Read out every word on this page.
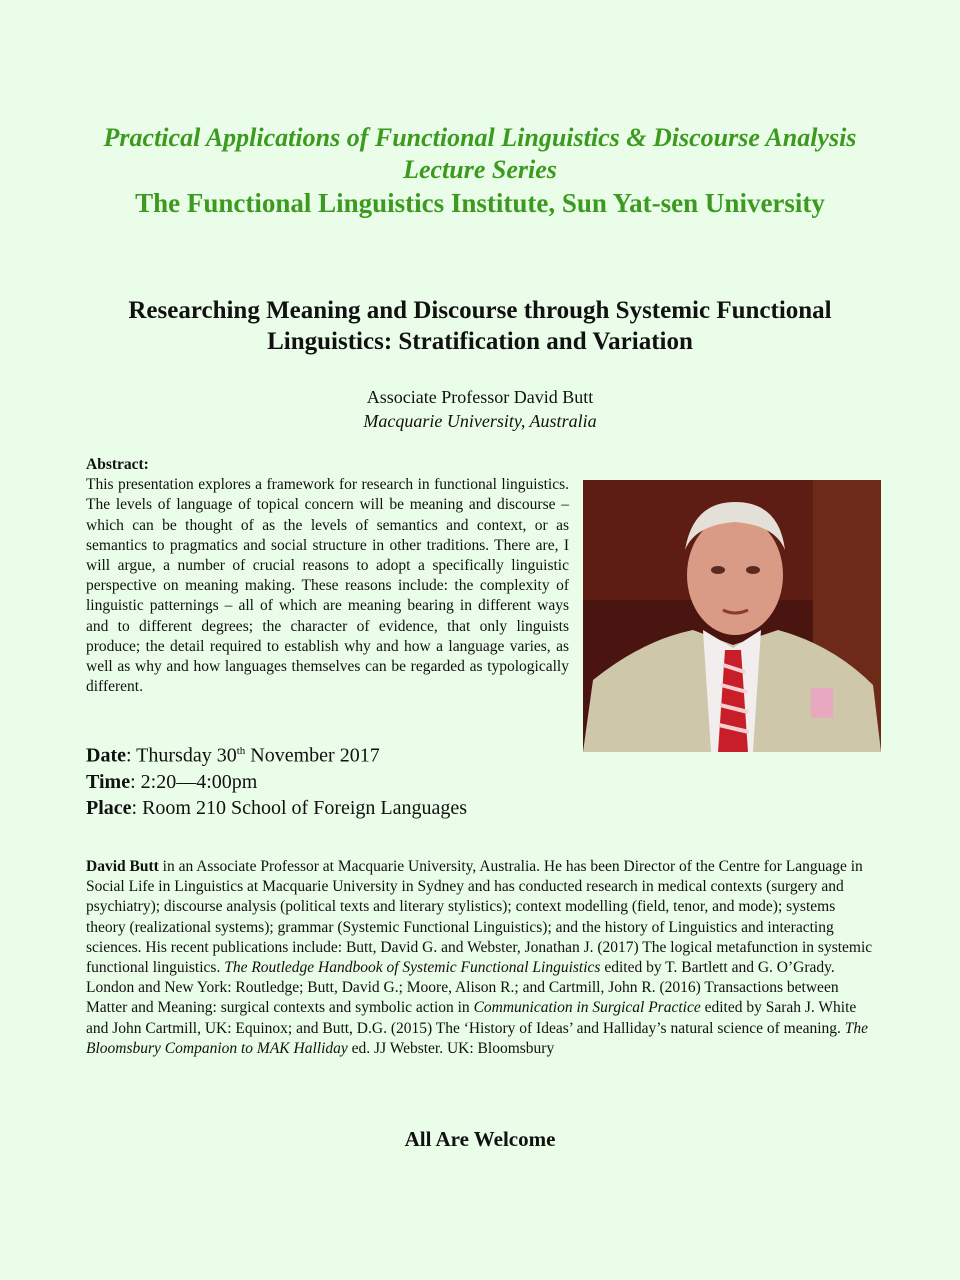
Practical Applications of Functional Linguistics & Discourse Analysis
Lecture Series
The Functional Linguistics Institute, Sun Yat-sen University
Researching Meaning and Discourse through Systemic Functional
Linguistics: Stratification and Variation
Associate Professor David Butt
Macquarie University, Australia
Abstract:
This presentation explores a framework for research in functional linguistics. The levels of language of topical concern will be meaning and discourse – which can be thought of as the levels of semantics and context, or as semantics to pragmatics and social structure in other traditions. There are, I will argue, a number of crucial reasons to adopt a specifically linguistic perspective on meaning making. These reasons include: the complexity of linguistic patternings – all of which are meaning bearing in different ways and to different degrees; the character of evidence, that only linguists produce; the detail required to establish why and how a language varies, as well as why and how languages themselves can be regarded as typologically different.
Date: Thursday 30th November 2017
Time: 2:20—4:00pm
Place: Room 210 School of Foreign Languages
David Butt in an Associate Professor at Macquarie University, Australia. He has been Director of the Centre for Language in Social Life in Linguistics at Macquarie University in Sydney and has conducted research in medical contexts (surgery and psychiatry); discourse analysis (political texts and literary stylistics); context modelling (field, tenor, and mode); systems theory (realizational systems); grammar (Systemic Functional Linguistics); and the history of Linguistics and interacting sciences. His recent publications include: Butt, David G. and Webster, Jonathan J. (2017) The logical metafunction in systemic functional linguistics. The Routledge Handbook of Systemic Functional Linguistics edited by T. Bartlett and G. O’Grady. London and New York: Routledge; Butt, David G.; Moore, Alison R.; and Cartmill, John R. (2016) Transactions between Matter and Meaning: surgical contexts and symbolic action in Communication in Surgical Practice edited by Sarah J. White and John Cartmill, UK: Equinox; and Butt, D.G. (2015) The ‘History of Ideas’ and Halliday’s natural science of meaning. The Bloomsbury Companion to MAK Halliday ed. JJ Webster. UK: Bloomsbury
All Are Welcome
